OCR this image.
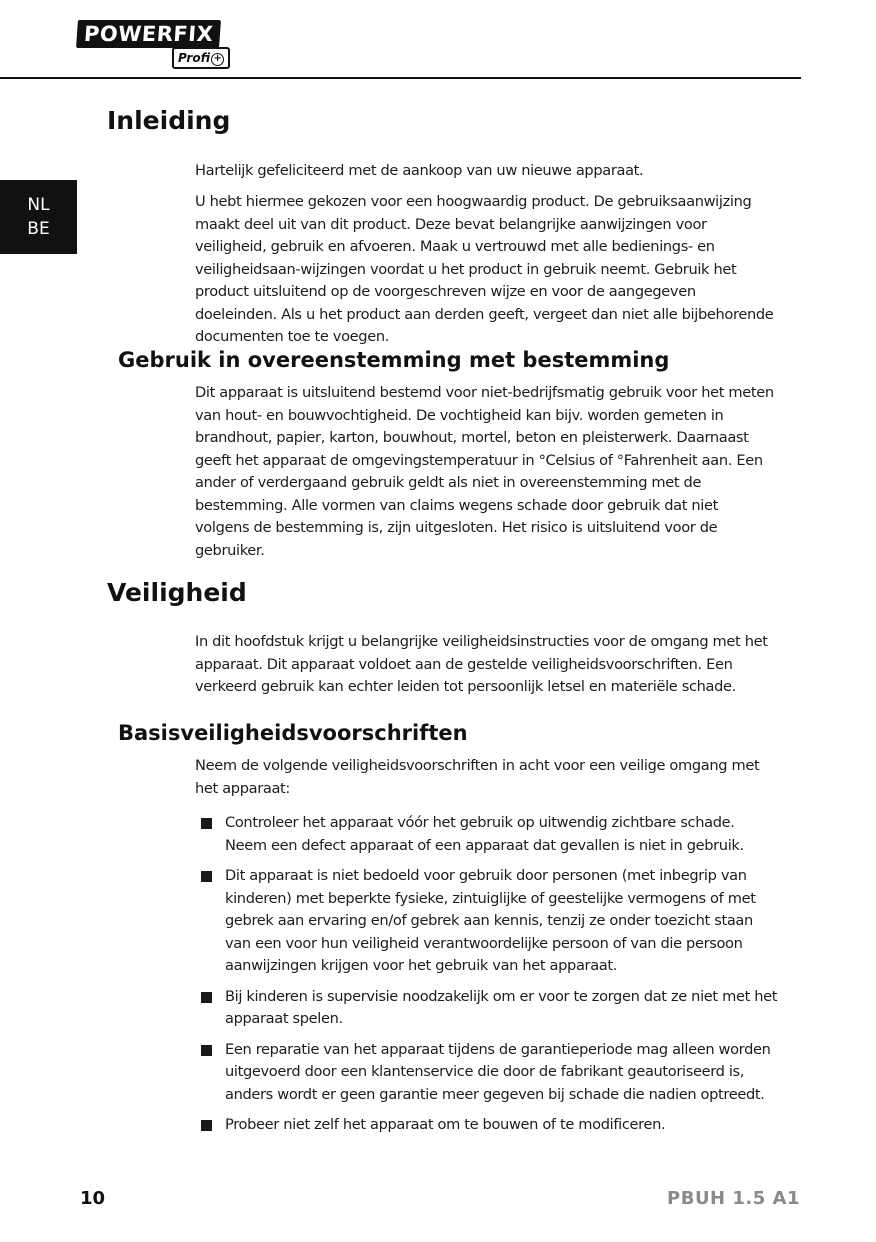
POWERFIX
Profi +
NL
BE
Inleiding

Hartelijk gefeliciteerd met de aankoop van uw nieuwe apparaat.

U hebt hiermee gekozen voor een hoogwaardig product. De gebruiksaanwijzing maakt deel uit van dit product. Deze bevat belangrijke aanwijzingen voor veiligheid, gebruik en afvoeren. Maak u vertrouwd met alle bedienings- en veiligheidsaan-wijzingen voordat u het product in gebruik neemt. Gebruik het product uitsluitend op de voorgeschreven wijze en voor de aangegeven doeleinden. Als u het product aan derden geeft, vergeet dan niet alle bijbehorende documenten toe te voegen.

Gebruik in overeenstemming met bestemming

Dit apparaat is uitsluitend bestemd voor niet-bedrijfsmatig gebruik voor het meten van hout- en bouwvochtigheid. De vochtigheid kan bijv. worden gemeten in brandhout, papier, karton, bouwhout, mortel, beton en pleisterwerk. Daarnaast geeft het apparaat de omgevingstemperatuur in °Celsius of °Fahrenheit aan. Een ander of verdergaand gebruik geldt als niet in overeenstemming met de bestemming. Alle vormen van claims wegens schade door gebruik dat niet volgens de bestemming is, zijn uitgesloten. Het risico is uitsluitend voor de gebruiker.

Veiligheid

In dit hoofdstuk krijgt u belangrijke veiligheidsinstructies voor de omgang met het apparaat. Dit apparaat voldoet aan de gestelde veiligheidsvoorschriften. Een verkeerd gebruik kan echter leiden tot persoonlijk letsel en materiële schade.

Basisveiligheidsvoorschriften

Neem de volgende veiligheidsvoorschriften in acht voor een veilige omgang met het apparaat:

Controleer het apparaat vóór het gebruik op uitwendig zichtbare schade. Neem een defect apparaat of een apparaat dat gevallen is niet in gebruik.
Dit apparaat is niet bedoeld voor gebruik door personen (met inbegrip van kinderen) met beperkte fysieke, zintuiglijke of geestelijke vermogens of met gebrek aan ervaring en/of gebrek aan kennis, tenzij ze onder toezicht staan van een voor hun veiligheid verantwoordelijke persoon of van die persoon aanwijzingen krijgen voor het gebruik van het apparaat.
Bij kinderen is supervisie noodzakelijk om er voor te zorgen dat ze niet met het apparaat spelen.
Een reparatie van het apparaat tijdens de garantieperiode mag alleen worden uitgevoerd door een klantenservice die door de fabrikant geautoriseerd is, anders wordt er geen garantie meer gegeven bij schade die nadien optreedt.
Probeer niet zelf het apparaat om te bouwen of te modificeren.
10	PBUH 1.5 A1
